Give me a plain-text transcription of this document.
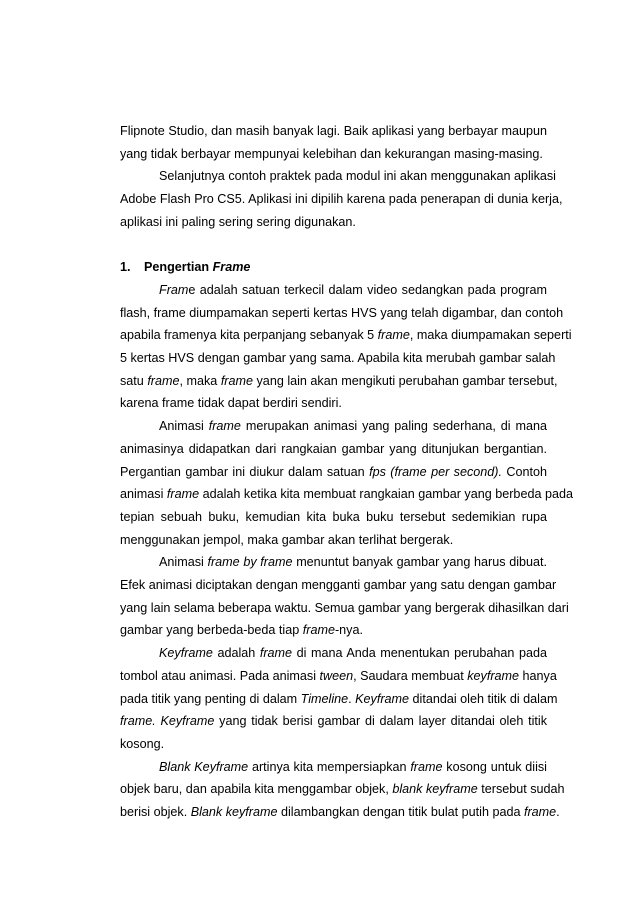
Flipnote Studio, dan masih banyak lagi. Baik aplikasi yang berbayar maupun
yang tidak berbayar mempunyai kelebihan dan kekurangan masing-masing.

Selanjutnya contoh praktek pada modul ini akan menggunakan aplikasi
Adobe Flash Pro CS5. Aplikasi ini dipilih karena pada penerapan di dunia kerja,
aplikasi ini paling sering sering digunakan.

1. Pengertian Frame

Frame adalah satuan terkecil dalam video sedangkan pada program
flash, frame diumpamakan seperti kertas HVS yang telah digambar, dan contoh
apabila framenya kita perpanjang sebanyak 5 frame, maka diumpamakan seperti
5 kertas HVS dengan gambar yang sama. Apabila kita merubah gambar salah
satu frame, maka frame yang lain akan mengikuti perubahan gambar tersebut,
karena frame tidak dapat berdiri sendiri.

Animasi frame merupakan animasi yang paling sederhana, di mana
animasinya didapatkan dari rangkaian gambar yang ditunjukan bergantian.
Pergantian gambar ini diukur dalam satuan fps (frame per second). Contoh
animasi frame adalah ketika kita membuat rangkaian gambar yang berbeda pada
tepian sebuah buku, kemudian kita buka buku tersebut sedemikian rupa
menggunakan jempol, maka gambar akan terlihat bergerak.

Animasi frame by frame menuntut banyak gambar yang harus dibuat.
Efek animasi diciptakan dengan mengganti gambar yang satu dengan gambar
yang lain selama beberapa waktu. Semua gambar yang bergerak dihasilkan dari
gambar yang berbeda-beda tiap frame-nya.

Keyframe adalah frame di mana Anda menentukan perubahan pada
tombol atau animasi. Pada animasi tween, Saudara membuat keyframe hanya
pada titik yang penting di dalam Timeline. Keyframe ditandai oleh titik di dalam
frame. Keyframe yang tidak berisi gambar di dalam layer ditandai oleh titik
kosong.

Blank Keyframe artinya kita mempersiapkan frame kosong untuk diisi
objek baru, dan apabila kita menggambar objek, blank keyframe tersebut sudah
berisi objek. Blank keyframe dilambangkan dengan titik bulat putih pada frame.
